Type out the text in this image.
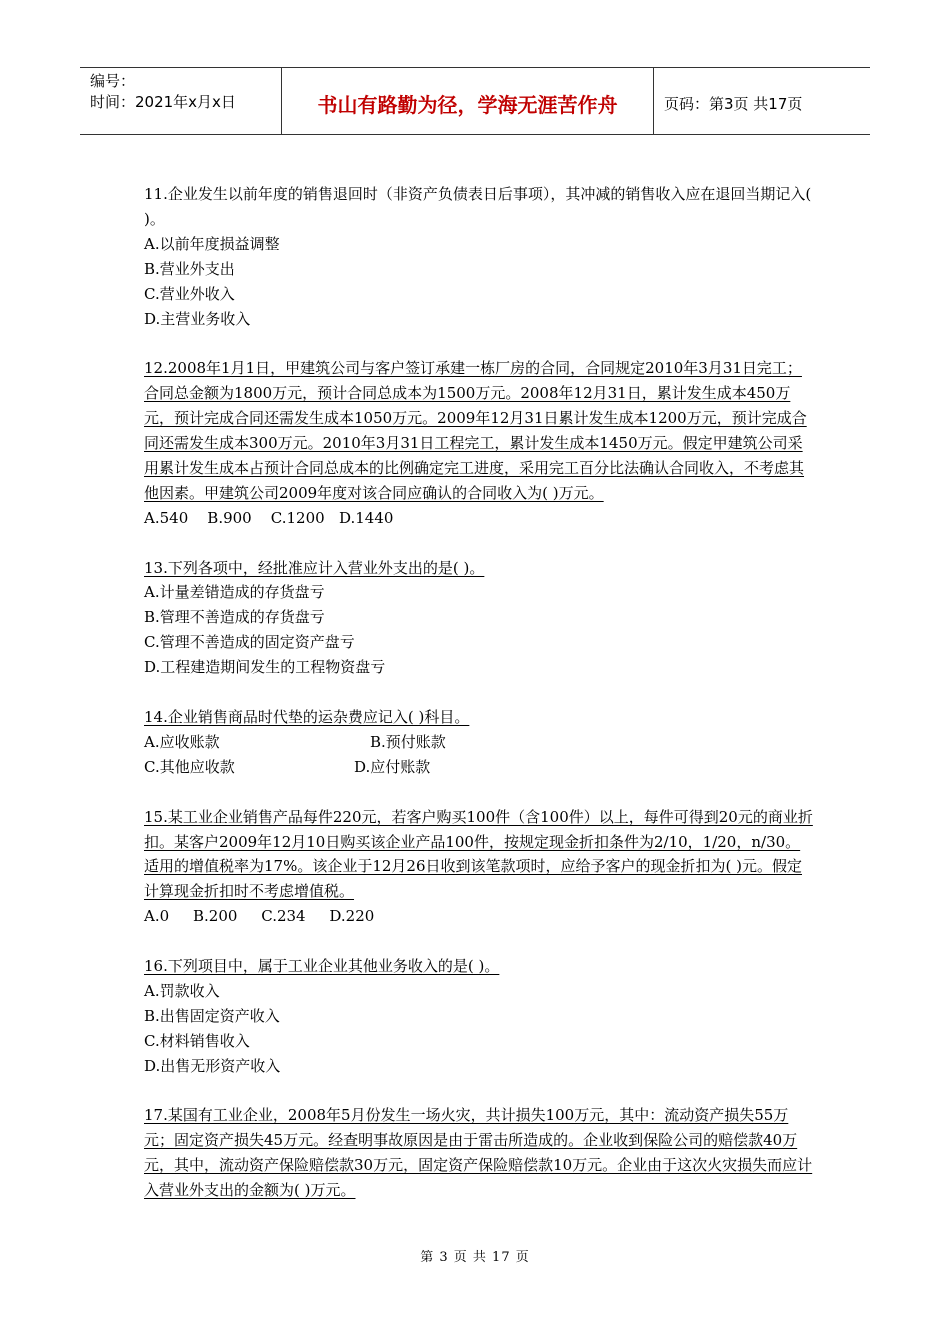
编号：
时间：2021年x月x日	书山有路勤为径，学海无涯苦作舟	页码：第3页 共17页

11.企业发生以前年度的销售退回时（非资产负债表日后事项），其冲减的销售收入应在退回当期记入( )。

A.以前年度损益调整

B.营业外支出

C.营业外收入

D.主营业务收入

12.2008年1月1日，甲建筑公司与客户签订承建一栋厂房的合同，合同规定2010年3月31日完工；合同总金额为1800万元，预计合同总成本为1500万元。2008年12月31日，累计发生成本450万元，预计完成合同还需发生成本1050万元。2009年12月31日累计发生成本1200万元，预计完成合同还需发生成本300万元。2010年3月31日工程完工，累计发生成本1450万元。假定甲建筑公司采用累计发生成本占预计合同总成本的比例确定完工进度，采用完工百分比法确认合同收入，不考虑其他因素。甲建筑公司2009年度对该合同应确认的合同收入为( )万元。

A.540    B.900    C.1200   D.1440

13.下列各项中，经批准应计入营业外支出的是( )。

A.计量差错造成的存货盘亏

B.管理不善造成的存货盘亏

C.管理不善造成的固定资产盘亏

D.工程建造期间发生的工程物资盘亏

14.企业销售商品时代垫的运杂费应记入( )科目。

A.应收账款	B.预付账款
C.其他应收款	D.应付账款

15.某工业企业销售产品每件220元，若客户购买100件（含100件）以上，每件可得到20元的商业折扣。某客户2009年12月10日购买该企业产品100件，按规定现金折扣条件为2/10，1/20，n/30。适用的增值税率为17%。该企业于12月26日收到该笔款项时，应给予客户的现金折扣为( )元。假定计算现金折扣时不考虑增值税。

A.0     B.200     C.234     D.220

16.下列项目中，属于工业企业其他业务收入的是( )。

A.罚款收入

B.出售固定资产收入

C.材料销售收入

D.出售无形资产收入

17.某国有工业企业，2008年5月份发生一场火灾，共计损失100万元，其中：流动资产损失55万元；固定资产损失45万元。经查明事故原因是由于雷击所造成的。企业收到保险公司的赔偿款40万元，其中，流动资产保险赔偿款30万元，固定资产保险赔偿款10万元。企业由于这次火灾损失而应计入营业外支出的金额为( )万元。

第 3 页 共 17 页
